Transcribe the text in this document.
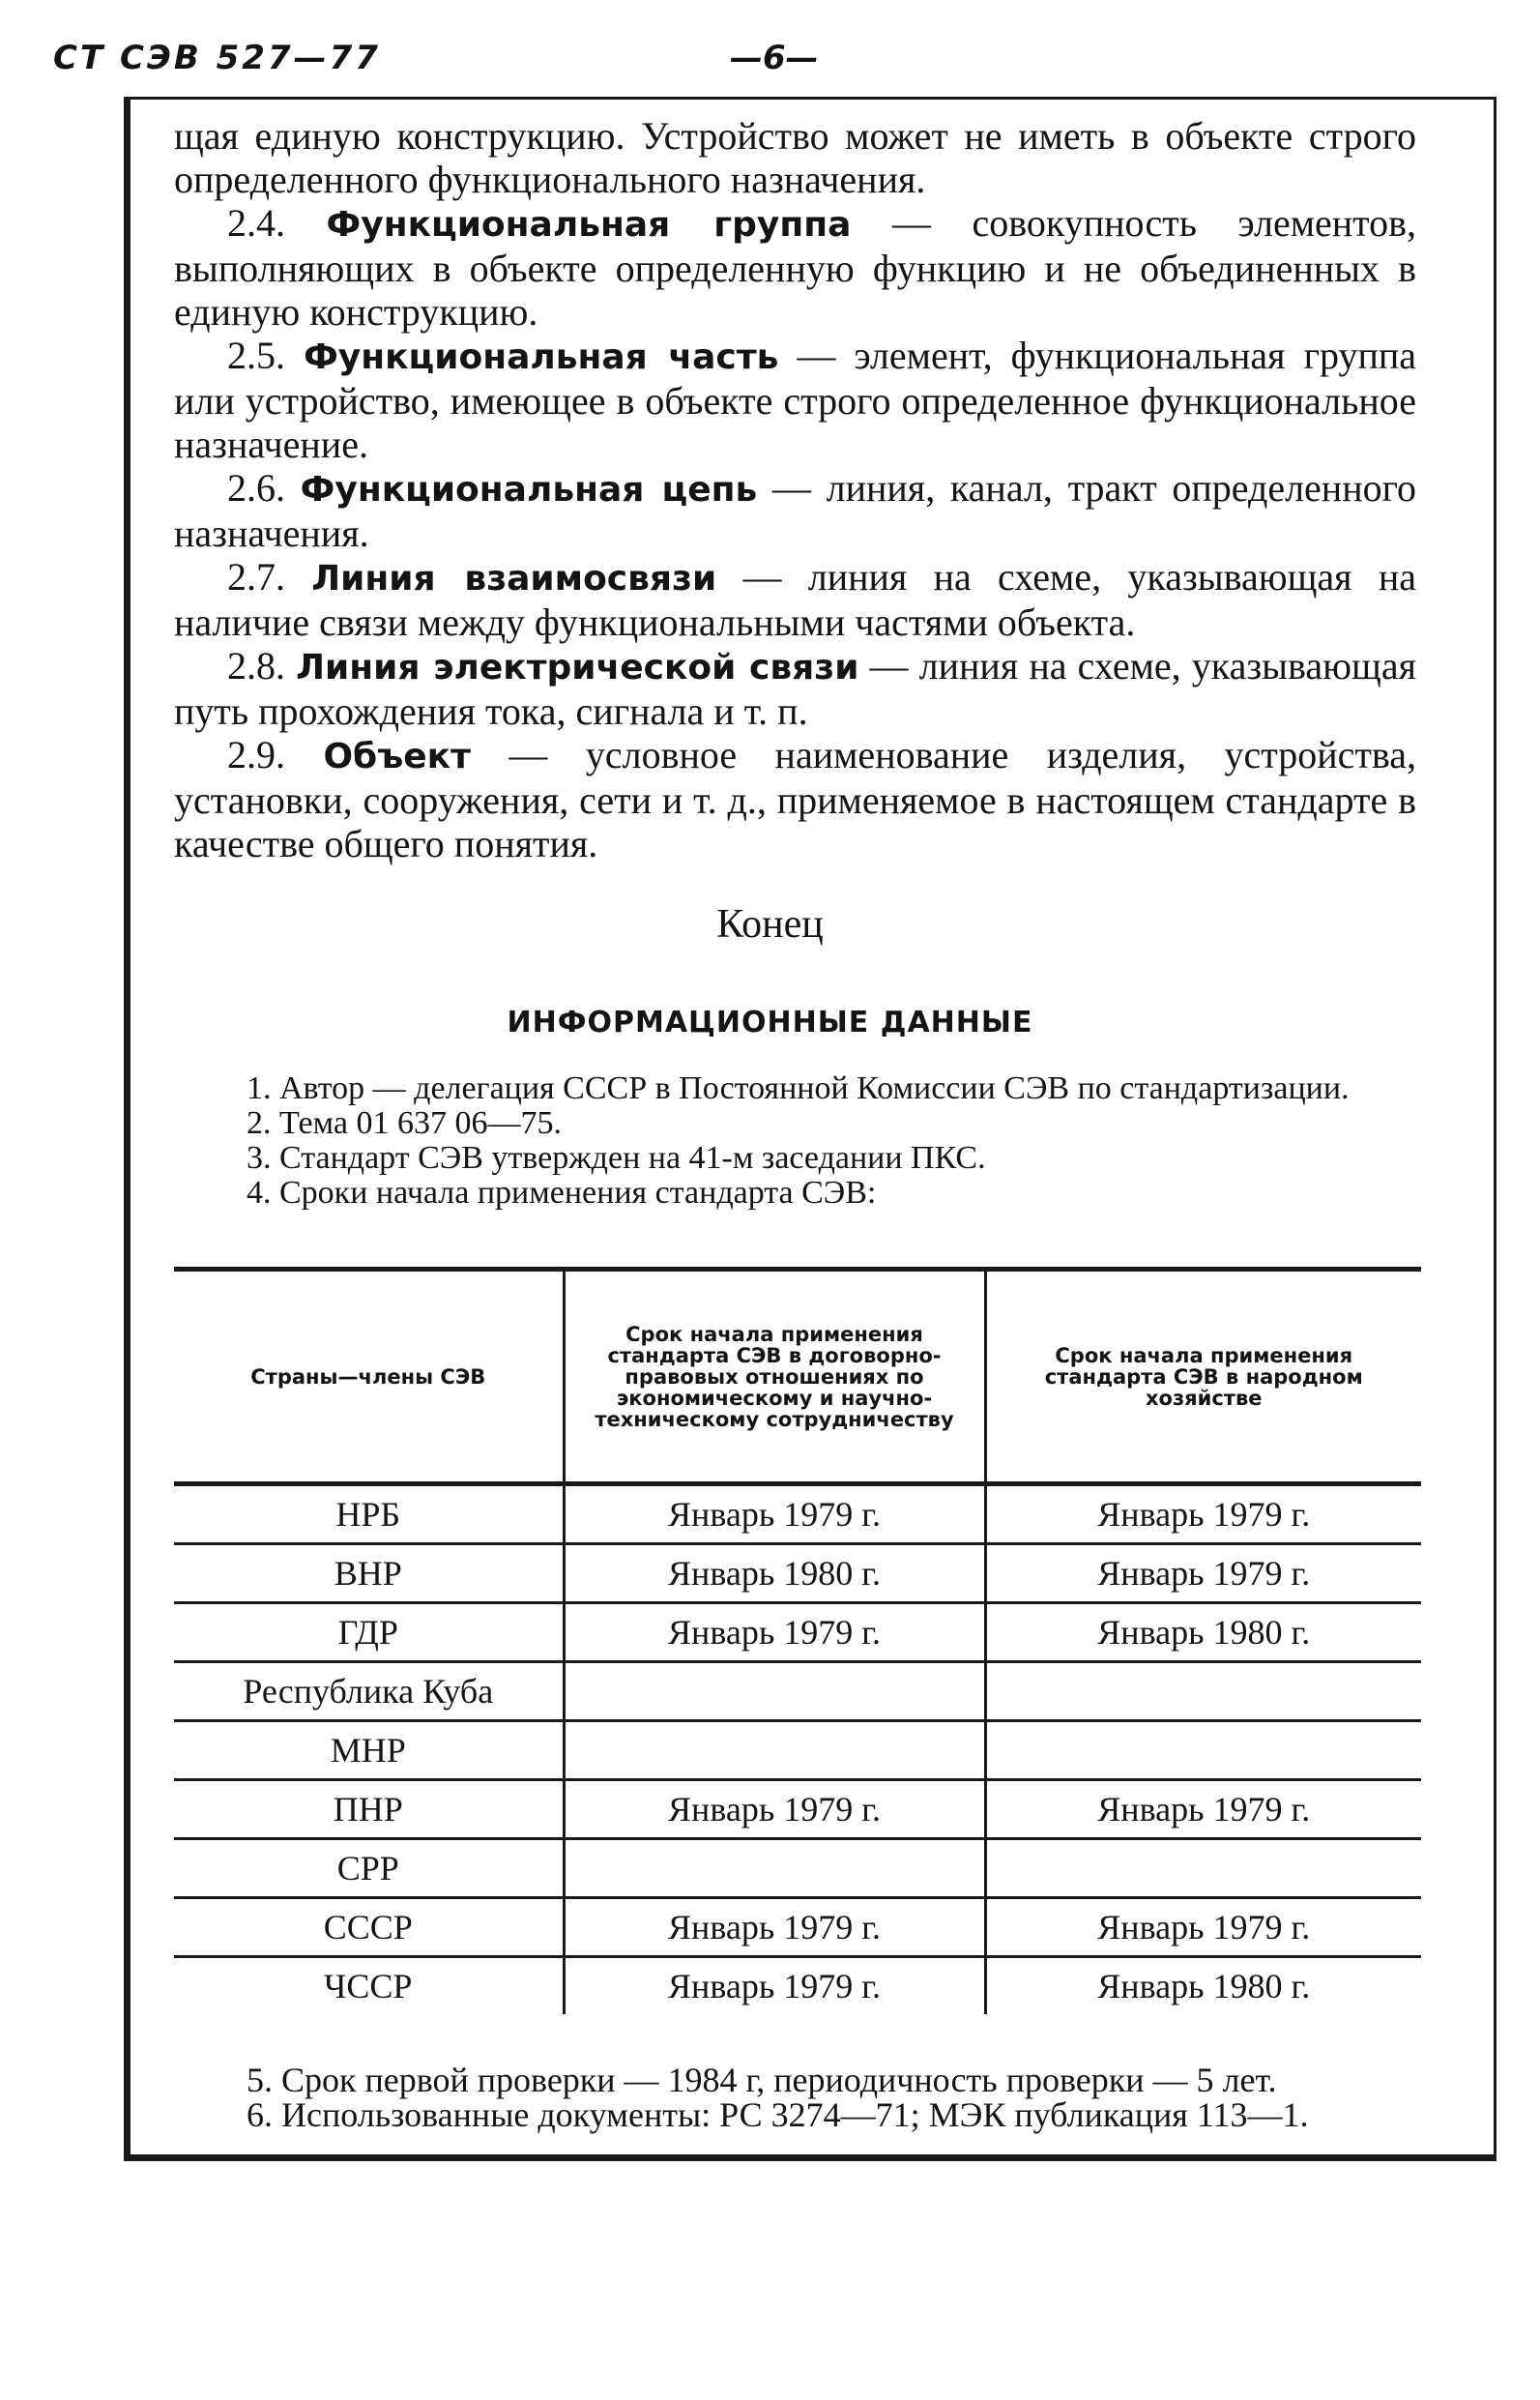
СТ СЭВ 527—77	—6—

щая единую конструкцию. Устройство может не иметь в объекте строго определенного функционального назначения.

2.4. Функциональная группа — совокупность элементов, выполняющих в объекте определенную функцию и не объединенных в единую конструкцию.

2.5. Функциональная часть — элемент, функциональная группа или устройство, имеющее в объекте строго определенное функциональное назначение.

2.6. Функциональная цепь — линия, канал, тракт определенного назначения.

2.7. Линия взаимосвязи — линия на схеме, указывающая на наличие связи между функциональными частями объекта.

2.8. Линия электрической связи — линия на схеме, указывающая путь прохождения тока, сигнала и т. п.

2.9. Объект — условное наименование изделия, устройства, установки, сооружения, сети и т. д., применяемое в настоящем стандарте в качестве общего понятия.

Конец
ИНФОРМАЦИОННЫЕ ДАННЫЕ

1. Автор — делегация СССР в Постоянной Комиссии СЭВ по стандартизации.

2. Тема 01 637 06—75.

3. Стандарт СЭВ утвержден на 41-м заседании ПКС.

4. Сроки начала применения стандарта СЭВ:

Страны—члены СЭВ	Срок начала применения стандарта СЭВ в договорно-правовых отношениях по экономическому и научно-техническому сотрудничеству	Срок начала применения стандарта СЭВ в народном хозяйстве
НРБ	Январь 1979 г.	Январь 1979 г.
ВНР	Январь 1980 г.	Январь 1979 г.
ГДР	Январь 1979 г.	Январь 1980 г.
Республика Куба		
МНР		
ПНР	Январь 1979 г.	Январь 1979 г.
СРР		
СССР	Январь 1979 г.	Январь 1979 г.
ЧССР	Январь 1979 г.	Январь 1980 г.

5. Срок первой проверки — 1984 г, периодичность проверки — 5 лет.

6. Использованные документы: РС 3274—71; МЭК публикация 113—1.
